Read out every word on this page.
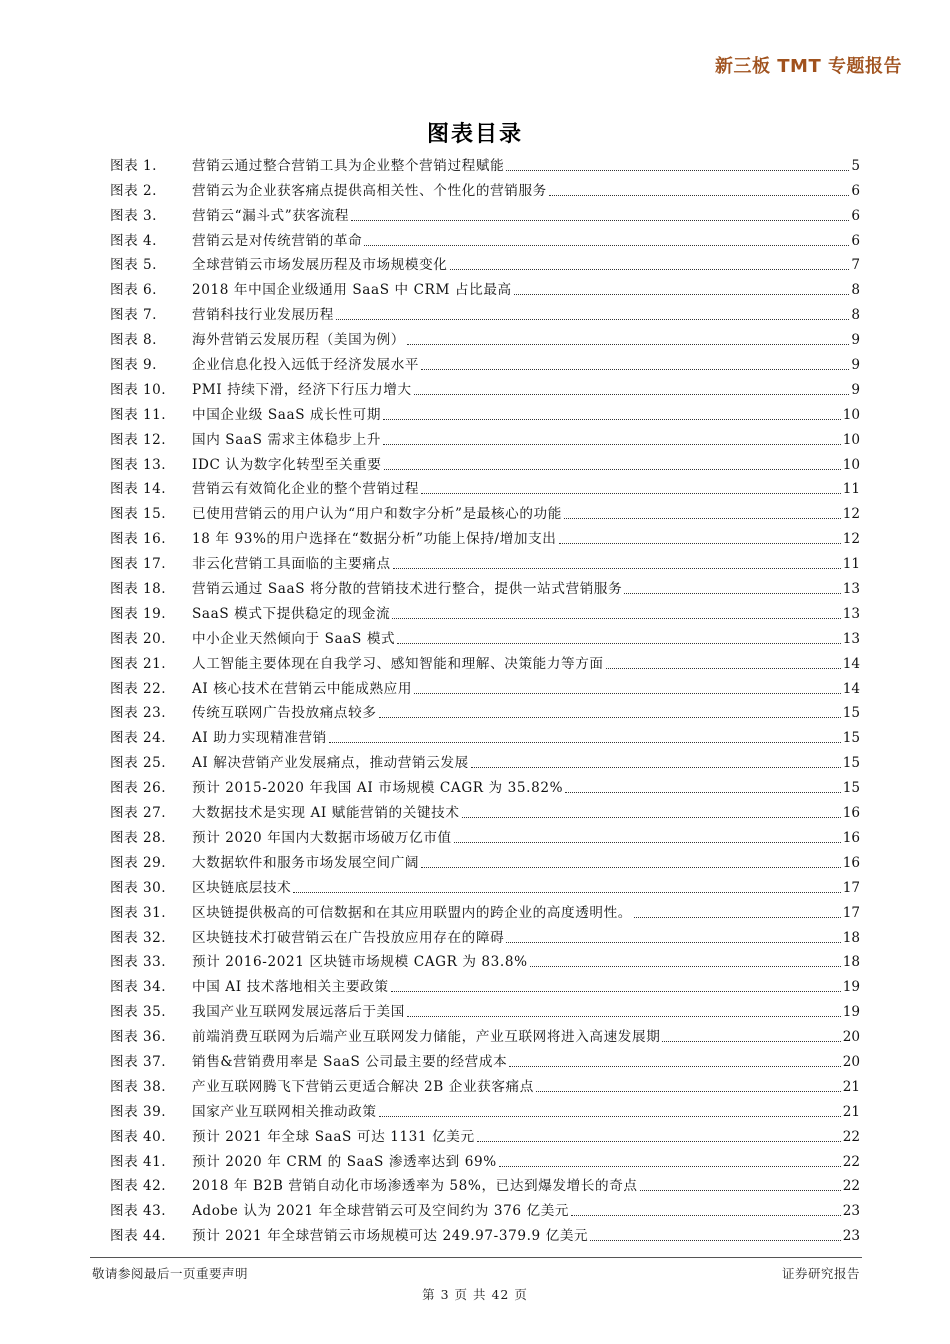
新三板 TMT 专题报告
图表目录
图表 1.	营销云通过整合营销工具为企业整个营销过程赋能	5
图表 2.	营销云为企业获客痛点提供高相关性、个性化的营销服务	6
图表 3.	营销云“漏斗式”获客流程	6
图表 4.	营销云是对传统营销的革命	6
图表 5.	全球营销云市场发展历程及市场规模变化	7
图表 6.	2018 年中国企业级通用 SaaS 中 CRM 占比最高	8
图表 7.	营销科技行业发展历程	8
图表 8.	海外营销云发展历程（美国为例）	9
图表 9.	企业信息化投入远低于经济发展水平	9
图表 10.	PMI 持续下滑，经济下行压力增大	9
图表 11.	中国企业级 SaaS 成长性可期	10
图表 12.	国内 SaaS 需求主体稳步上升	10
图表 13.	IDC 认为数字化转型至关重要	10
图表 14.	营销云有效简化企业的整个营销过程	11
图表 15.	已使用营销云的用户认为“用户和数字分析”是最核心的功能	12
图表 16.	18 年 93%的用户选择在“数据分析”功能上保持/增加支出	12
图表 17.	非云化营销工具面临的主要痛点	11
图表 18.	营销云通过 SaaS 将分散的营销技术进行整合，提供一站式营销服务	13
图表 19.	SaaS 模式下提供稳定的现金流	13
图表 20.	中小企业天然倾向于 SaaS 模式	13
图表 21.	人工智能主要体现在自我学习、感知智能和理解、决策能力等方面	14
图表 22.	AI 核心技术在营销云中能成熟应用	14
图表 23.	传统互联网广告投放痛点较多	15
图表 24.	AI 助力实现精准营销	15
图表 25.	AI 解决营销产业发展痛点，推动营销云发展	15
图表 26.	预计 2015-2020 年我国 AI 市场规模 CAGR 为 35.82%	15
图表 27.	大数据技术是实现 AI 赋能营销的关键技术	16
图表 28.	预计 2020 年国内大数据市场破万亿市值	16
图表 29.	大数据软件和服务市场发展空间广阔	16
图表 30.	区块链底层技术	17
图表 31.	区块链提供极高的可信数据和在其应用联盟内的跨企业的高度透明性。	17
图表 32.	区块链技术打破营销云在广告投放应用存在的障碍	18
图表 33.	预计 2016-2021 区块链市场规模 CAGR 为 83.8%	18
图表 34.	中国 AI 技术落地相关主要政策	19
图表 35.	我国产业互联网发展远落后于美国	19
图表 36.	前端消费互联网为后端产业互联网发力储能，产业互联网将进入高速发展期	20
图表 37.	销售&营销费用率是 SaaS 公司最主要的经营成本	20
图表 38.	产业互联网腾飞下营销云更适合解决 2B 企业获客痛点	21
图表 39.	国家产业互联网相关推动政策	21
图表 40.	预计 2021 年全球 SaaS 可达 1131 亿美元	22
图表 41.	预计 2020 年 CRM 的 SaaS 渗透率达到 69%	22
图表 42.	2018 年 B2B 营销自动化市场渗透率为 58%，已达到爆发增长的奇点	22
图表 43.	Adobe 认为 2021 年全球营销云可及空间约为 376 亿美元	23
图表 44.	预计 2021 年全球营销云市场规模可达 249.97-379.9 亿美元	23
敬请参阅最后一页重要声明	证券研究报告
第 3 页 共 42 页
